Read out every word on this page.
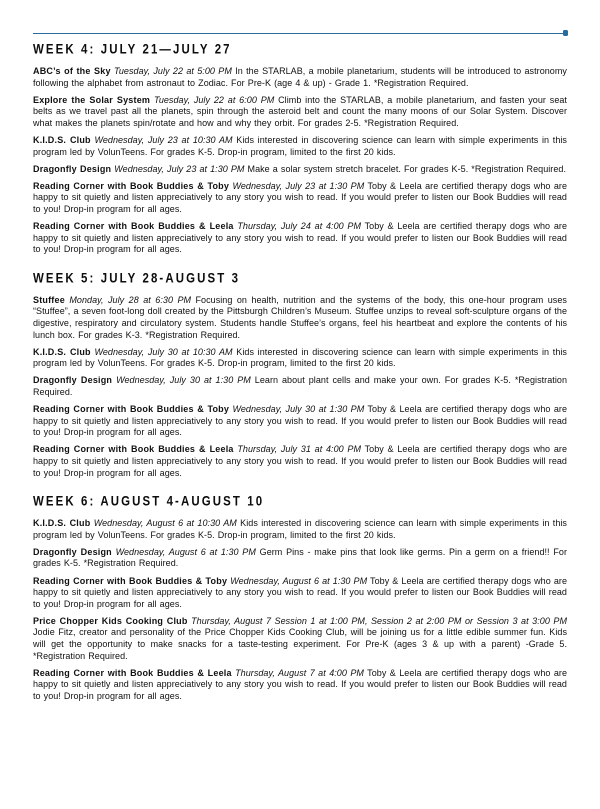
WEEK 4: JULY 21—JULY 27

ABC’s of the Sky Tuesday, July 22 at 5:00 PM In the STARLAB, a mobile planetarium, students will be introduced to astronomy following the alphabet from astronaut to Zodiac. For Pre-K (age 4 & up) - Grade 1. *Registration Required.

Explore the Solar System Tuesday, July 22 at 6:00 PM Climb into the STARLAB, a mobile planetarium, and fasten your seat belts as we travel past all the planets, spin through the asteroid belt and count the many moons of our Solar System. Discover what makes the planets spin/rotate and how and why they orbit. For grades 2-5. *Registration Required.

K.I.D.S. Club Wednesday, July 23 at 10:30 AM Kids interested in discovering science can learn with simple experiments in this program led by VolunTeens. For grades K-5. Drop-in program, limited to the first 20 kids.

Dragonfly Design Wednesday, July 23 at 1:30 PM Make a solar system stretch bracelet. For grades K-5. *Registration Required.

Reading Corner with Book Buddies & Toby Wednesday, July 23 at 1:30 PM Toby & Leela are certified therapy dogs who are happy to sit quietly and listen appreciatively to any story you wish to read. If you would prefer to listen our Book Buddies will read to you! Drop-in program for all ages.

Reading Corner with Book Buddies & Leela Thursday, July 24 at 4:00 PM Toby & Leela are certified therapy dogs who are happy to sit quietly and listen appreciatively to any story you wish to read. If you would prefer to listen our Book Buddies will read to you! Drop-in program for all ages.

WEEK 5: JULY 28-AUGUST 3

Stuffee Monday, July 28 at 6:30 PM Focusing on health, nutrition and the systems of the body, this one-hour program uses “Stuffee”, a seven foot-long doll created by the Pittsburgh Children’s Museum. Stuffee unzips to reveal soft-sculpture organs of the digestive, respiratory and circulatory system. Students handle Stuffee’s organs, feel his heartbeat and explore the contents of his lunch box. For grades K-3. *Registration Required.

K.I.D.S. Club Wednesday, July 30 at 10:30 AM Kids interested in discovering science can learn with simple experiments in this program led by VolunTeens. For grades K-5. Drop-in program, limited to the first 20 kids.

Dragonfly Design Wednesday, July 30 at 1:30 PM Learn about plant cells and make your own. For grades K-5. *Registration Required.

Reading Corner with Book Buddies & Toby Wednesday, July 30 at 1:30 PM Toby & Leela are certified therapy dogs who are happy to sit quietly and listen appreciatively to any story you wish to read. If you would prefer to listen our Book Buddies will read to you! Drop-in program for all ages.

Reading Corner with Book Buddies & Leela Thursday, July 31 at 4:00 PM Toby & Leela are certified therapy dogs who are happy to sit quietly and listen appreciatively to any story you wish to read. If you would prefer to listen our Book Buddies will read to you! Drop-in program for all ages.

WEEK 6: AUGUST 4-AUGUST 10

K.I.D.S. Club Wednesday, August 6 at 10:30 AM Kids interested in discovering science can learn with simple experiments in this program led by VolunTeens. For grades K-5. Drop-in program, limited to the first 20 kids.

Dragonfly Design Wednesday, August 6 at 1:30 PM Germ Pins - make pins that look like germs. Pin a germ on a friend!! For grades K-5. *Registration Required.

Reading Corner with Book Buddies & Toby Wednesday, August 6 at 1:30 PM Toby & Leela are certified therapy dogs who are happy to sit quietly and listen appreciatively to any story you wish to read. If you would prefer to listen our Book Buddies will read to you! Drop-in program for all ages.

Price Chopper Kids Cooking Club Thursday, August 7 Session 1 at 1:00 PM, Session 2 at 2:00 PM or Session 3 at 3:00 PM Jodie Fitz, creator and personality of the Price Chopper Kids Cooking Club, will be joining us for a little edible summer fun. Kids will get the opportunity to make snacks for a taste-testing experiment. For Pre-K (ages 3 & up with a parent) -Grade 5. *Registration Required.

Reading Corner with Book Buddies & Leela Thursday, August 7 at 4:00 PM Toby & Leela are certified therapy dogs who are happy to sit quietly and listen appreciatively to any story you wish to read. If you would prefer to listen our Book Buddies will read to you! Drop-in program for all ages.
